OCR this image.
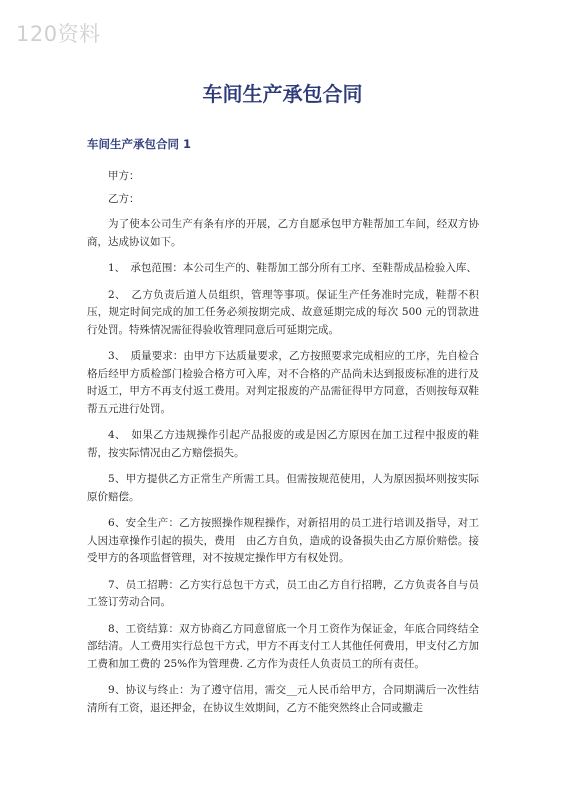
120资料
车间生产承包合同
车间生产承包合同 1

甲方：

乙方：

为了使本公司生产有条有序的开展，乙方自愿承包甲方鞋帮加工车间，经双方协商，达成协议如下。

1、　承包范围：本公司生产的、鞋帮加工部分所有工序、至鞋帮成品检验入库、

2、　乙方负责后道人员组织，管理等事项。保证生产任务准时完成，鞋帮不积压，规定时间完成的加工任务必须按期完成、故意延期完成的每次 500 元的罚款进行处罚。特殊情况需征得验收管理同意后可延期完成。

3、　质量要求：由甲方下达质量要求，乙方按照要求完成相应的工序，先自检合格后经甲方质检部门检验合格方可入库，对不合格的产品尚未达到报废标准的进行及时返工，甲方不再支付返工费用。对判定报废的产品需征得甲方同意，否则按每双鞋帮五元进行处罚。

4、　如果乙方违规操作引起产品报废的或是因乙方原因在加工过程中报废的鞋帮，按实际情况由乙方赔偿损失。

5、甲方提供乙方正常生产所需工具。但需按规范使用，人为原因损坏则按实际原价赔偿。

6、安全生产：乙方按照操作规程操作，对新招用的员工进行培训及指导，对工人因违章操作引起的损失，费用　由乙方自负，造成的设备损失由乙方原价赔偿。接受甲方的各项监督管理，对不按规定操作甲方有权处罚。

7、员工招聘：乙方实行总包干方式，员工由乙方自行招聘，乙方负责各自与员工签订劳动合同。

8、工资结算：双方协商乙方同意留底一个月工资作为保证金，年底合同终结全部结清。人工费用实行总包干方式，甲方不再支付工人其他任何费用，甲支付乙方加工费和加工费的 25%作为管理费. 乙方作为责任人负责员工的所有责任。

9、协议与终止：为了遵守信用，需交__元人民币给甲方，合同期满后一次性结清所有工资，退还押金，在协议生效期间，乙方不能突然终止合同或撤走
